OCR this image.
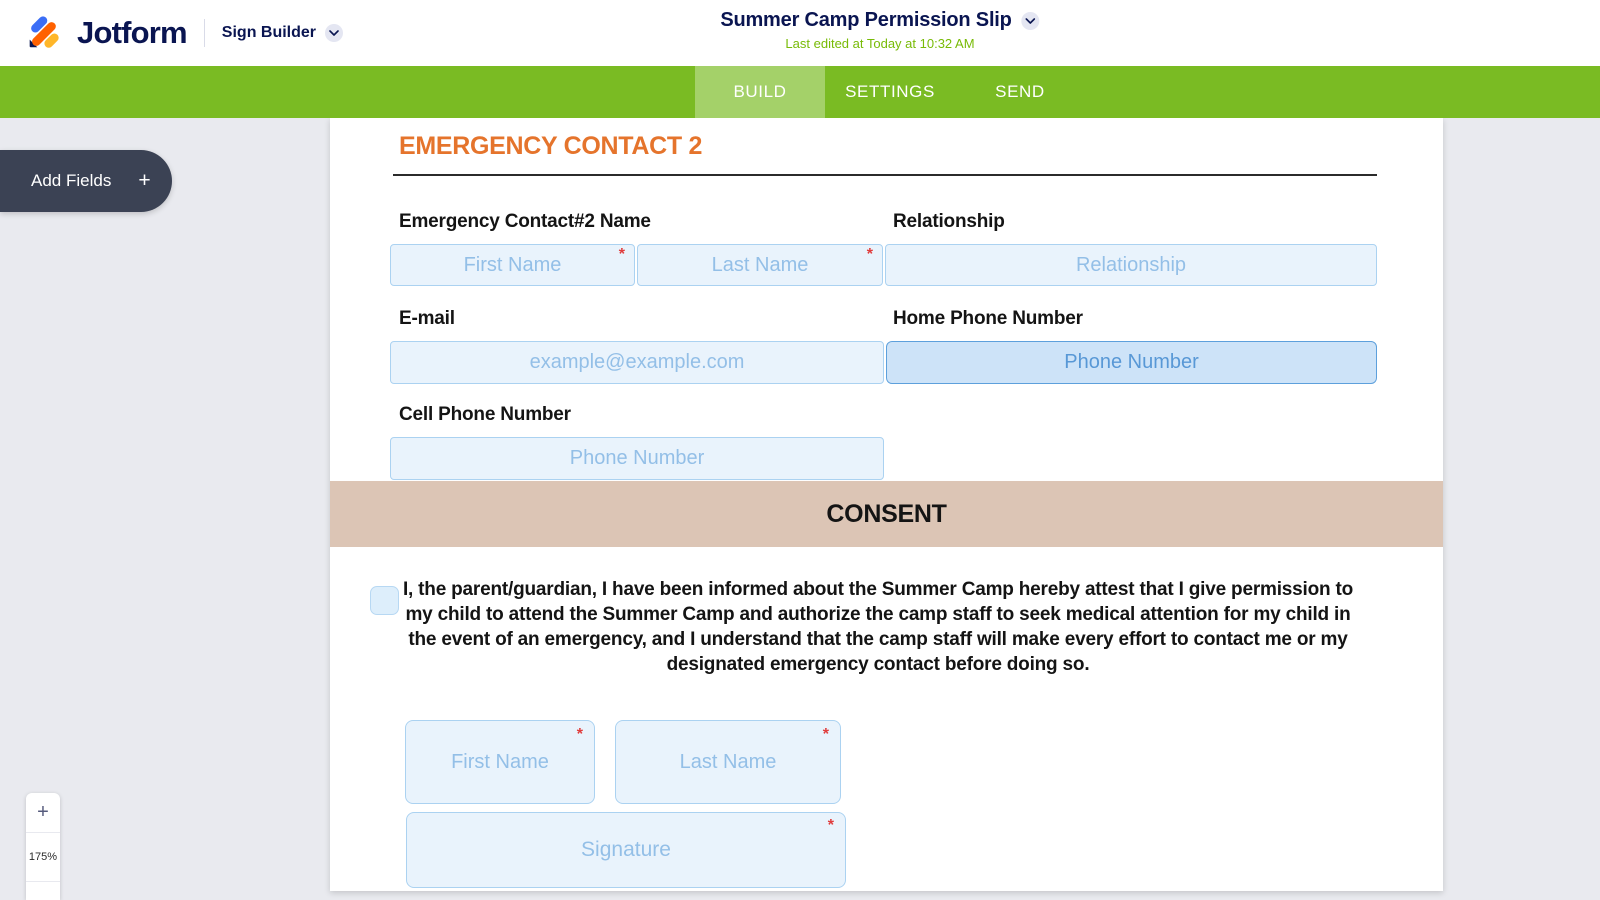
Jotform Sign Builder
Summer Camp Permission Slip
Last edited at Today at 10:32 AM
BUILD	SETTINGS	SEND
Add Fields +
+
175%
EMERGENCY CONTACT 2
Emergency Contact#2 Name	Relationship
First Name	*	Last Name	*	Relationship
E-mail	Home Phone Number
example@example.com	Phone Number
Cell Phone Number
Phone Number
CONSENT
I, the parent/guardian, I have been informed about the Summer Camp hereby attest that I give permission to my child to attend the Summer Camp and authorize the camp staff to seek medical attention for my child in the event of an emergency, and I understand that the camp staff will make every effort to contact me or my designated emergency contact before doing so.
First Name
*
Last Name
*
Signature
*
